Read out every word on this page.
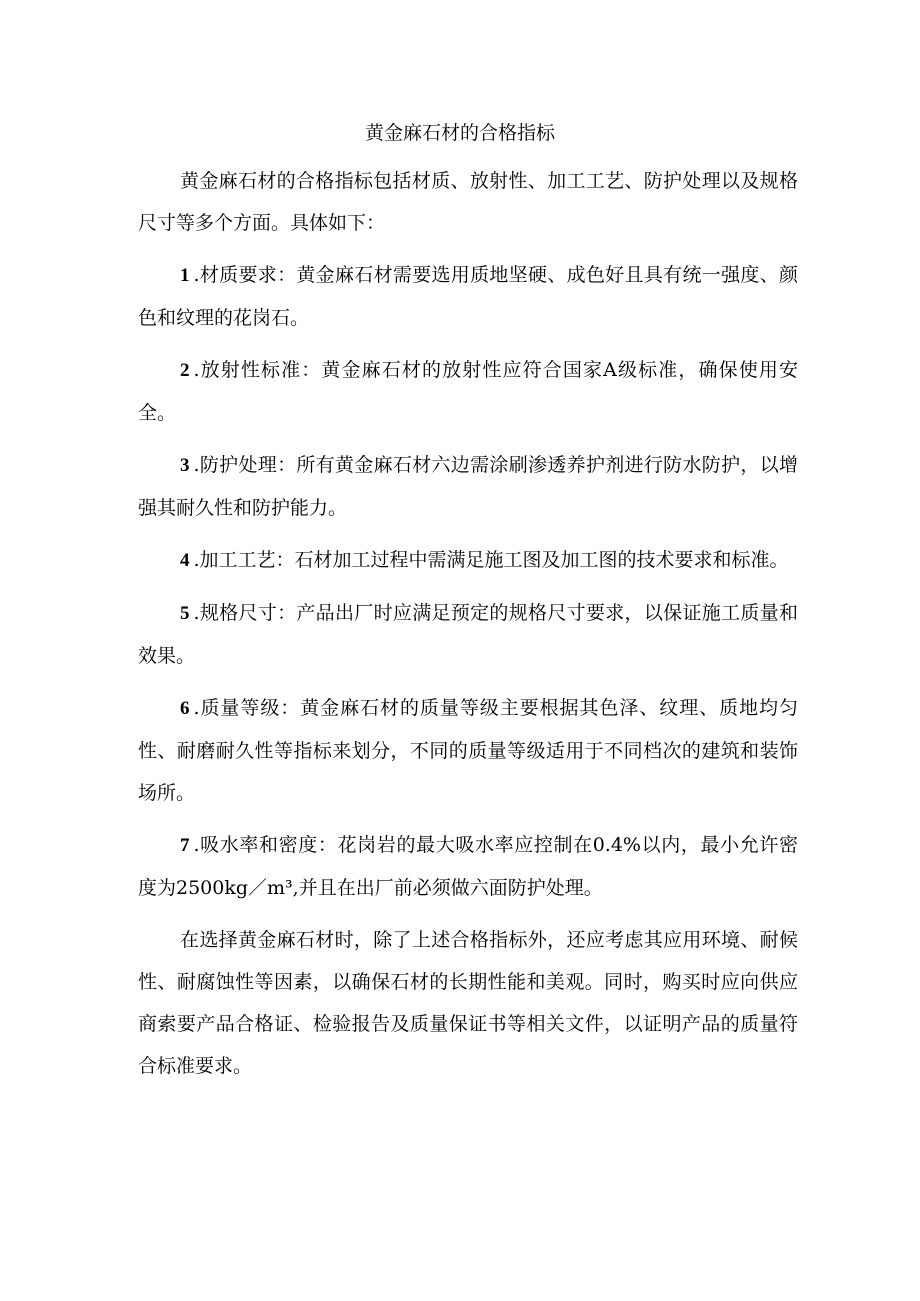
黄金麻石材的合格指标

黄金麻石材的合格指标包括材质、放射性、加工工艺、防护处理以及规格尺寸等多个方面。具体如下：

1 .材质要求：黄金麻石材需要选用质地坚硬、成色好且具有统一强度、颜色和纹理的花岗石。

2 .放射性标准：黄金麻石材的放射性应符合国家A级标准，确保使用安全。

3 .防护处理：所有黄金麻石材六边需涂刷渗透养护剂进行防水防护，以增强其耐久性和防护能力。

4 .加工工艺：石材加工过程中需满足施工图及加工图的技术要求和标准。

5 .规格尺寸：产品出厂时应满足预定的规格尺寸要求，以保证施工质量和效果。

6 .质量等级：黄金麻石材的质量等级主要根据其色泽、纹理、质地均匀性、耐磨耐久性等指标来划分，不同的质量等级适用于不同档次的建筑和装饰场所。

7 .吸水率和密度：花岗岩的最大吸水率应控制在0.4%以内，最小允许密度为2500kg／m³,并且在出厂前必须做六面防护处理。

在选择黄金麻石材时，除了上述合格指标外，还应考虑其应用环境、耐候性、耐腐蚀性等因素，以确保石材的长期性能和美观。同时，购买时应向供应商索要产品合格证、检验报告及质量保证书等相关文件，以证明产品的质量符合标准要求。
